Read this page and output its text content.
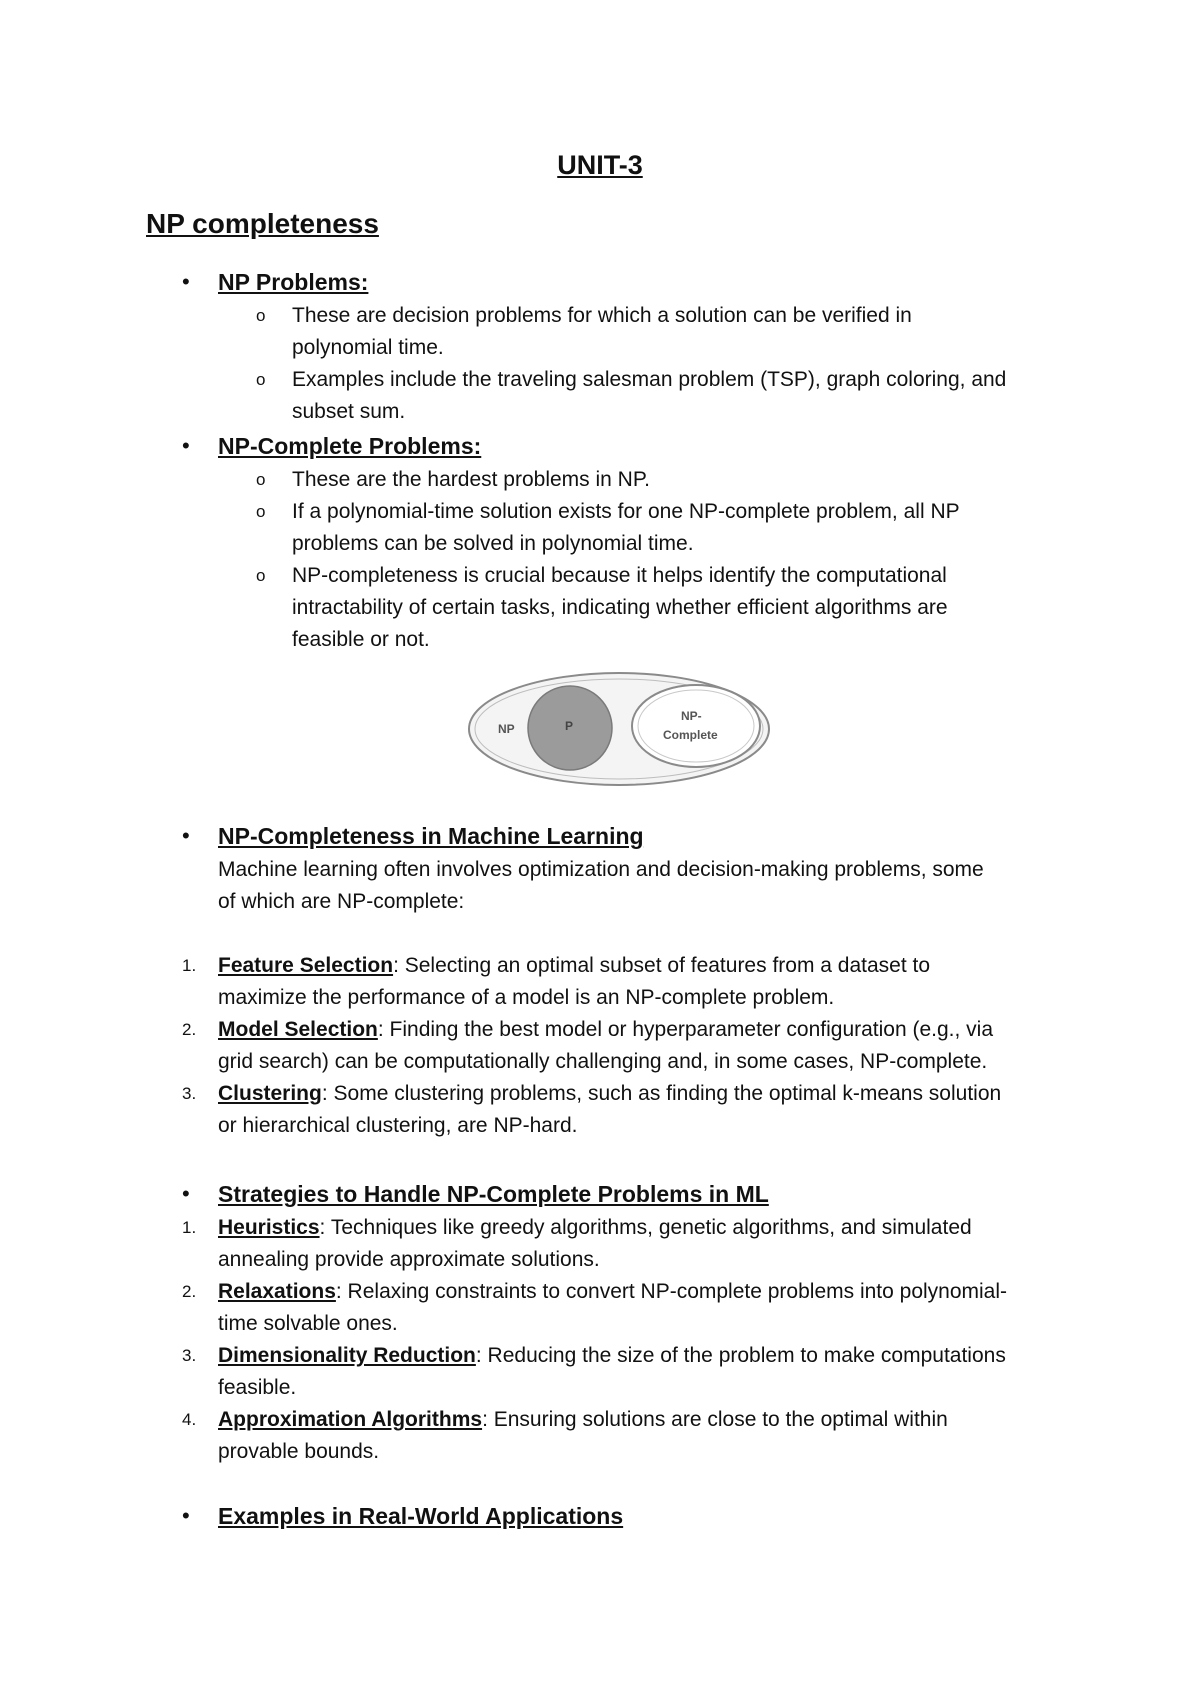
UNIT-3
NP completeness
• NP Problems:
o These are decision problems for which a solution can be verified in
polynomial time.
o Examples include the traveling salesman problem (TSP), graph coloring, and
subset sum.
• NP-Complete Problems:
o These are the hardest problems in NP.
o If a polynomial-time solution exists for one NP-complete problem, all NP
problems can be solved in polynomial time.
o NP-completeness is crucial because it helps identify the computational
intractability of certain tasks, indicating whether efficient algorithms are
feasible or not.
NP	P
NP-
Complete
• NP-Completeness in Machine Learning
Machine learning often involves optimization and decision-making problems, some
of which are NP-complete:
1. Feature Selection: Selecting an optimal subset of features from a dataset to
maximize the performance of a model is an NP-complete problem.
2. Model Selection: Finding the best model or hyperparameter configuration (e.g., via
grid search) can be computationally challenging and, in some cases, NP-complete.
3. Clustering: Some clustering problems, such as finding the optimal k-means solution
or hierarchical clustering, are NP-hard.
• Strategies to Handle NP-Complete Problems in ML
1. Heuristics: Techniques like greedy algorithms, genetic algorithms, and simulated
annealing provide approximate solutions.
2. Relaxations: Relaxing constraints to convert NP-complete problems into polynomial-
time solvable ones.
3. Dimensionality Reduction: Reducing the size of the problem to make computations
feasible.
4. Approximation Algorithms: Ensuring solutions are close to the optimal within
provable bounds.
• Examples in Real-World Applications
